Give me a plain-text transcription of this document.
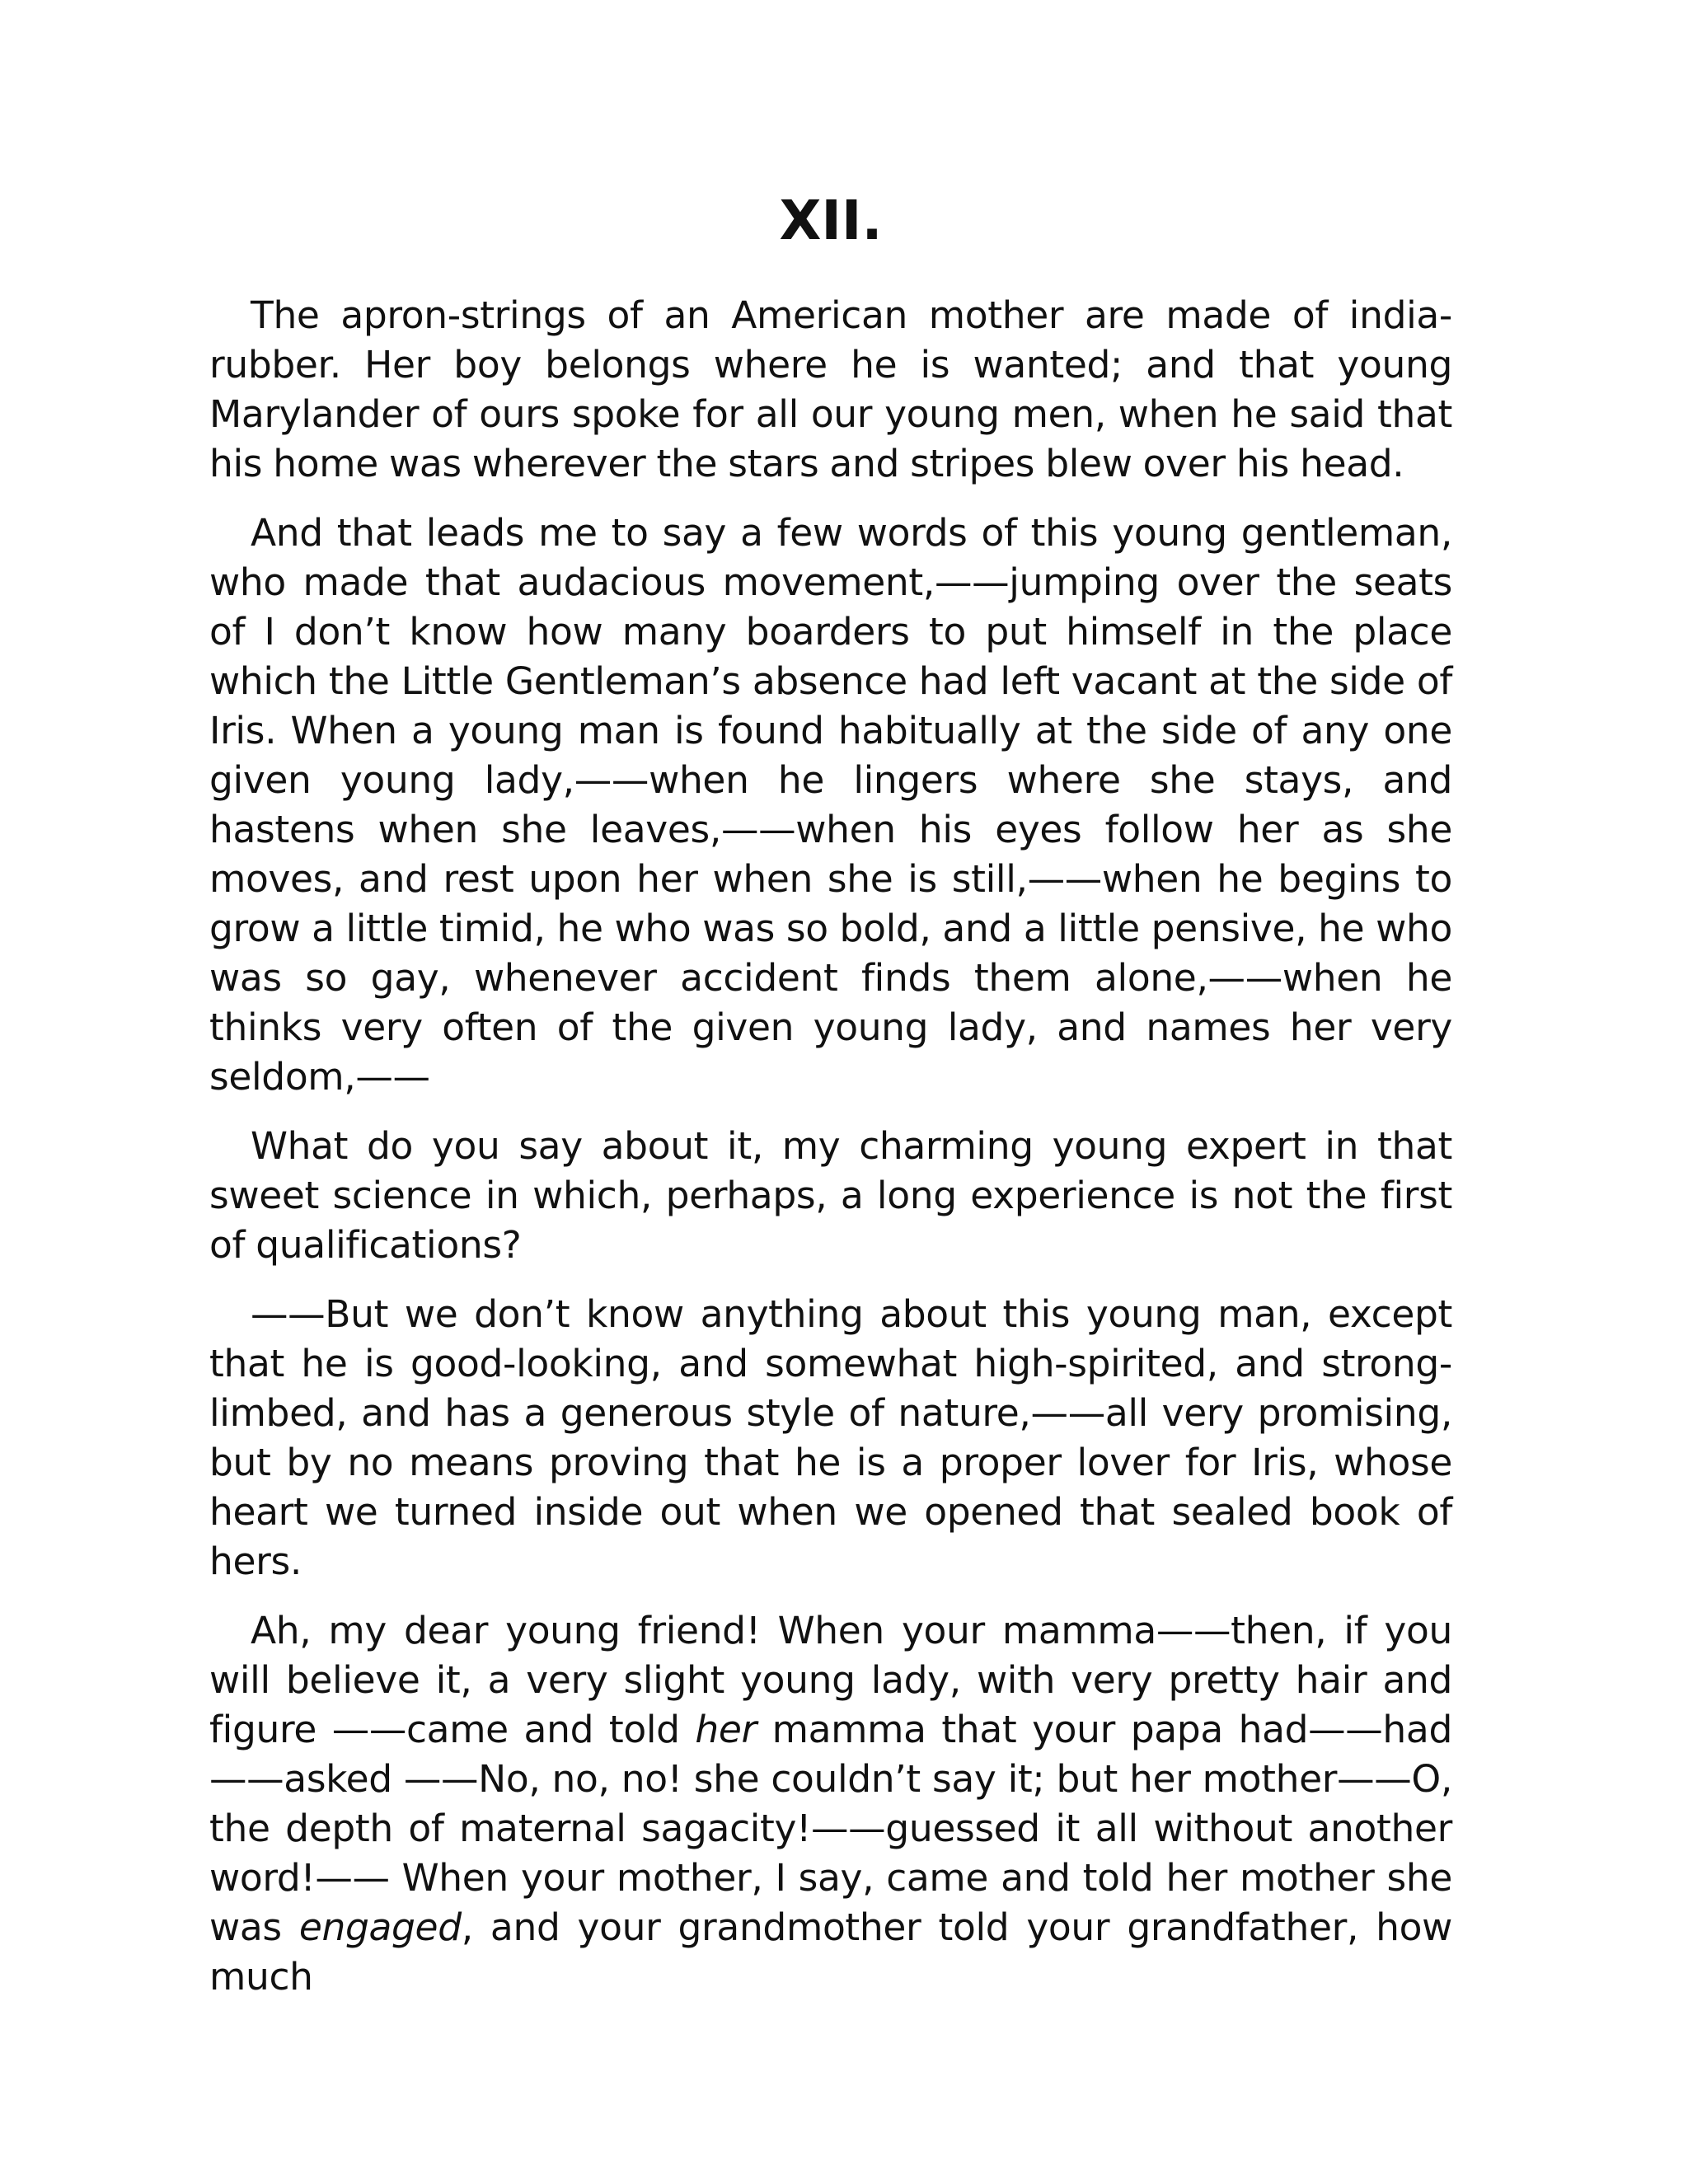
XII.

The apron-strings of an American mother are made of india-rubber. Her boy belongs where he is wanted; and that young Marylander of ours spoke for all our young men, when he said that his home was wherever the stars and stripes blew over his head.

And that leads me to say a few words of this young gentleman, who made that audacious movement,——jumping over the seats of I don’t know how many boarders to put himself in the place which the Little Gentleman’s absence had left vacant at the side of Iris. When a young man is found habitually at the side of any one given young lady,——when he lingers where she stays, and hastens when she leaves,——when his eyes follow her as she moves, and rest upon her when she is still,——when he begins to grow a little timid, he who was so bold, and a little pensive, he who was so gay, whenever accident finds them alone,——when he thinks very often of the given young lady, and names her very seldom,——

What do you say about it, my charming young expert in that sweet science in which, perhaps, a long experience is not the first of qualifications?

——But we don’t know anything about this young man, except that he is good-looking, and somewhat high-spirited, and strong-limbed, and has a generous style of nature,——all very promising, but by no means proving that he is a proper lover for Iris, whose heart we turned inside out when we opened that sealed book of hers.

Ah, my dear young friend! When your mamma——then, if you will believe it, a very slight young lady, with very pretty hair and figure ——came and told her mamma that your papa had——had——asked ——No, no, no! she couldn’t say it; but her mother——O, the depth of maternal sagacity!——guessed it all without another word!—— When your mother, I say, came and told her mother she was engaged, and your grandmother told your grandfather, how much
